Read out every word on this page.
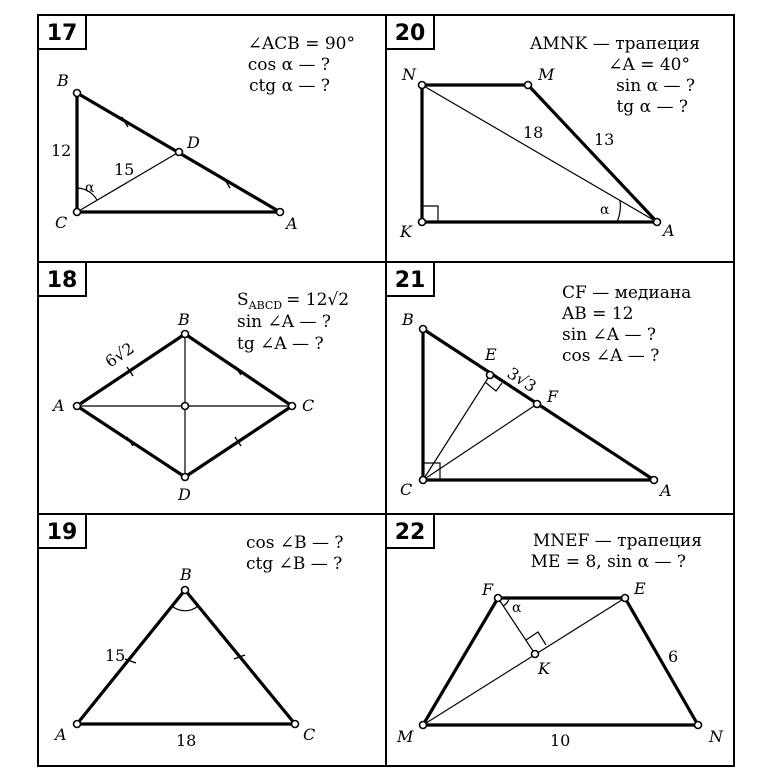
17	∠ACB = 90°
cos α — ?
ctg α — ?
B
C
D
A
12
15
α
20	AMNK — трапеция
∠A = 40°
sin α — ?
tg α — ?
N	M
K	A
18	13
α
18
$S_{ABCD} = 12√2$
sin ∠A — ?
tg ∠A — ?
A
B
C
D
6√2
21	CF — медиана
AB = 12
sin ∠A — ?
cos ∠A — ?
B
E
F
C	A
3√3
19	cos ∠B — ?
ctg ∠B — ?
A
B
C
15
18
22	MNEF — трапеция
ME = 8, sin α — ?
F	E
K
M	N
6
10
α
